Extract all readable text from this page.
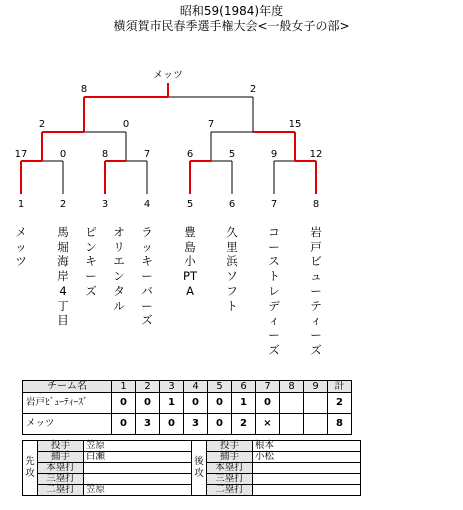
昭和59(1984)年度
横須賀市民春季選手権大会<一般女子の部>
メッツ
8	2
2	0	7	15
17	0	8	7	6	5	9	12
1	2	3	4	5	6	7	8
メッツ
馬堀海岸4丁目
ピンキーズ
オリエンタル
ラッキーバーズ
豊島小PTA
久里浜ソフト
コーストレディーズ
岩戸ビューティーズ
チーム名	1	2	3	4	5	6	7	8	9	計
岩戸ﾋﾞｭｰﾃｨｰｽﾞ	0	0	1	0	0	1	0			2
メッツ	0	3	0	3	0	2	×			8
先攻	投手	笠原
	捕手	白瀬
	本塁打	
	三塁打	
	二塁打	笠原
後攻	投手	根本
	捕手	小松
	本塁打	
	三塁打	
	二塁打	
